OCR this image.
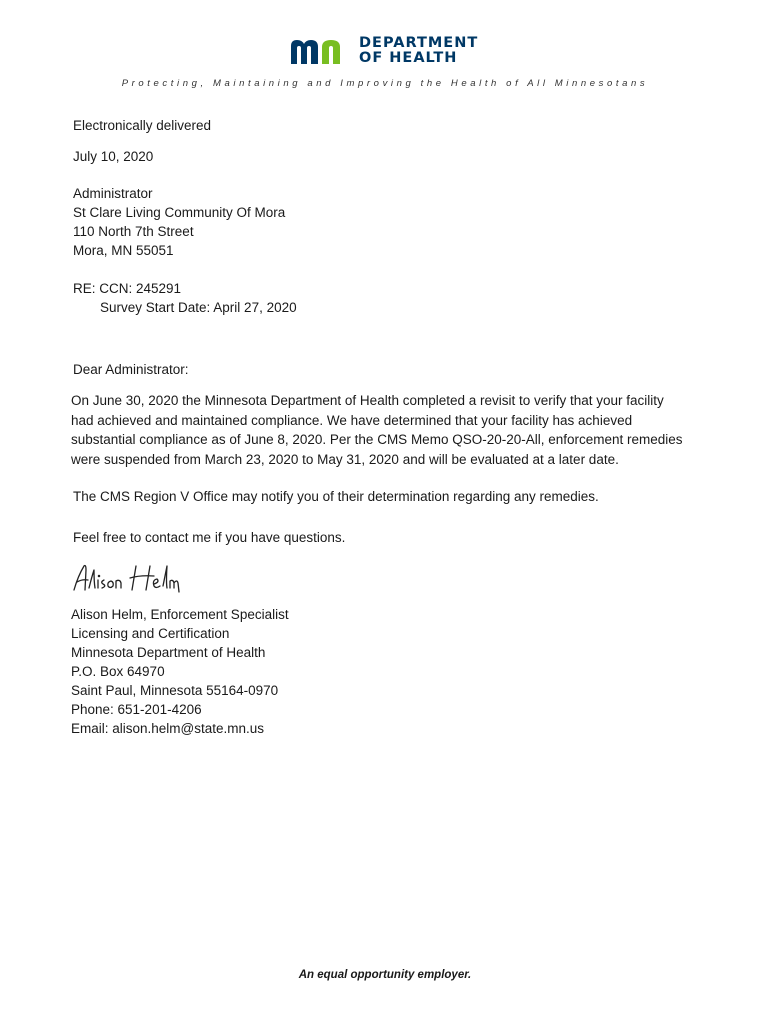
DEPARTMENT
OF HEALTH
Protecting, Maintaining and Improving the Health of All Minnesotans
Electronically delivered
July 10, 2020
Administrator
St Clare Living Community Of Mora
110 North 7th Street
Mora, MN 55051
RE: CCN: 245291
Survey Start Date: April 27, 2020
Dear Administrator:
On June 30, 2020 the Minnesota Department of Health completed a revisit to verify that your facility
had achieved and maintained compliance. We have determined that your facility has achieved
substantial compliance as of June 8, 2020. Per the CMS Memo QSO-20-20-All, enforcement remedies
were suspended from March 23, 2020 to May 31, 2020 and will be evaluated at a later date.
The CMS Region V Office may notify you of their determination regarding any remedies.
Feel free to contact me if you have questions.
Alison Helm, Enforcement Specialist
Licensing and Certification
Minnesota Department of Health
P.O. Box 64970
Saint Paul, Minnesota 55164-0970
Phone: 651-201-4206
Email: alison.helm@state.mn.us
An equal opportunity employer.
